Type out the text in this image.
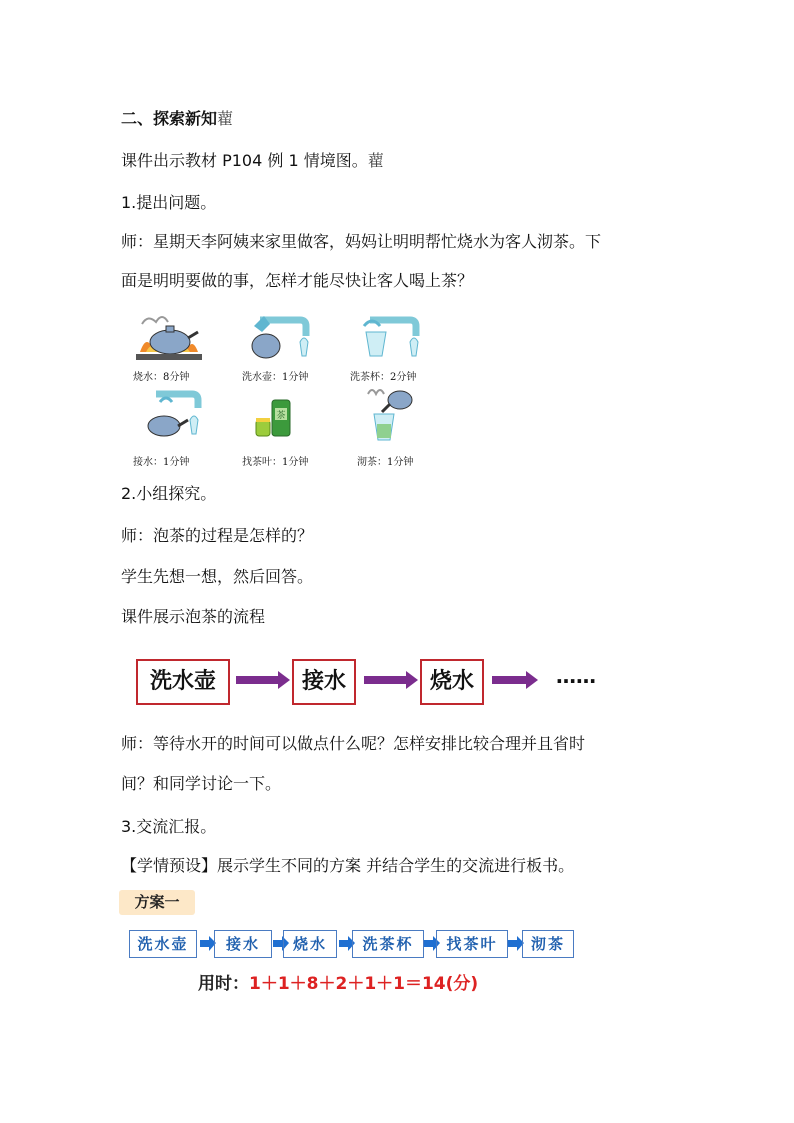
二、探索新知藋
课件出示教材 P104 例 1 情境图。藋
1.提出问题。
师：星期天李阿姨来家里做客，妈妈让明明帮忙烧水为客人沏茶。下
面是明明要做的事，怎样才能尽快让客人喝上茶？
烧水：8分钟	洗水壶：1分钟	洗茶杯：2分钟
接水：1分钟
茶
找茶叶：1分钟	沏茶：1分钟
2.小组探究。
师：泡茶的过程是怎样的？
学生先想一想，然后回答。
课件展示泡茶的流程
洗水壶	接水	烧水	……
师：等待水开的时间可以做点什么呢？怎样安排比较合理并且省时
间？和同学讨论一下。
3.交流汇报。
【学情预设】展示学生不同的方案 并结合学生的交流进行板书。
方案一
洗水壶	接水	烧水	洗茶杯	找茶叶	沏茶
用时：1＋1＋8＋2＋1＋1＝14(分)
